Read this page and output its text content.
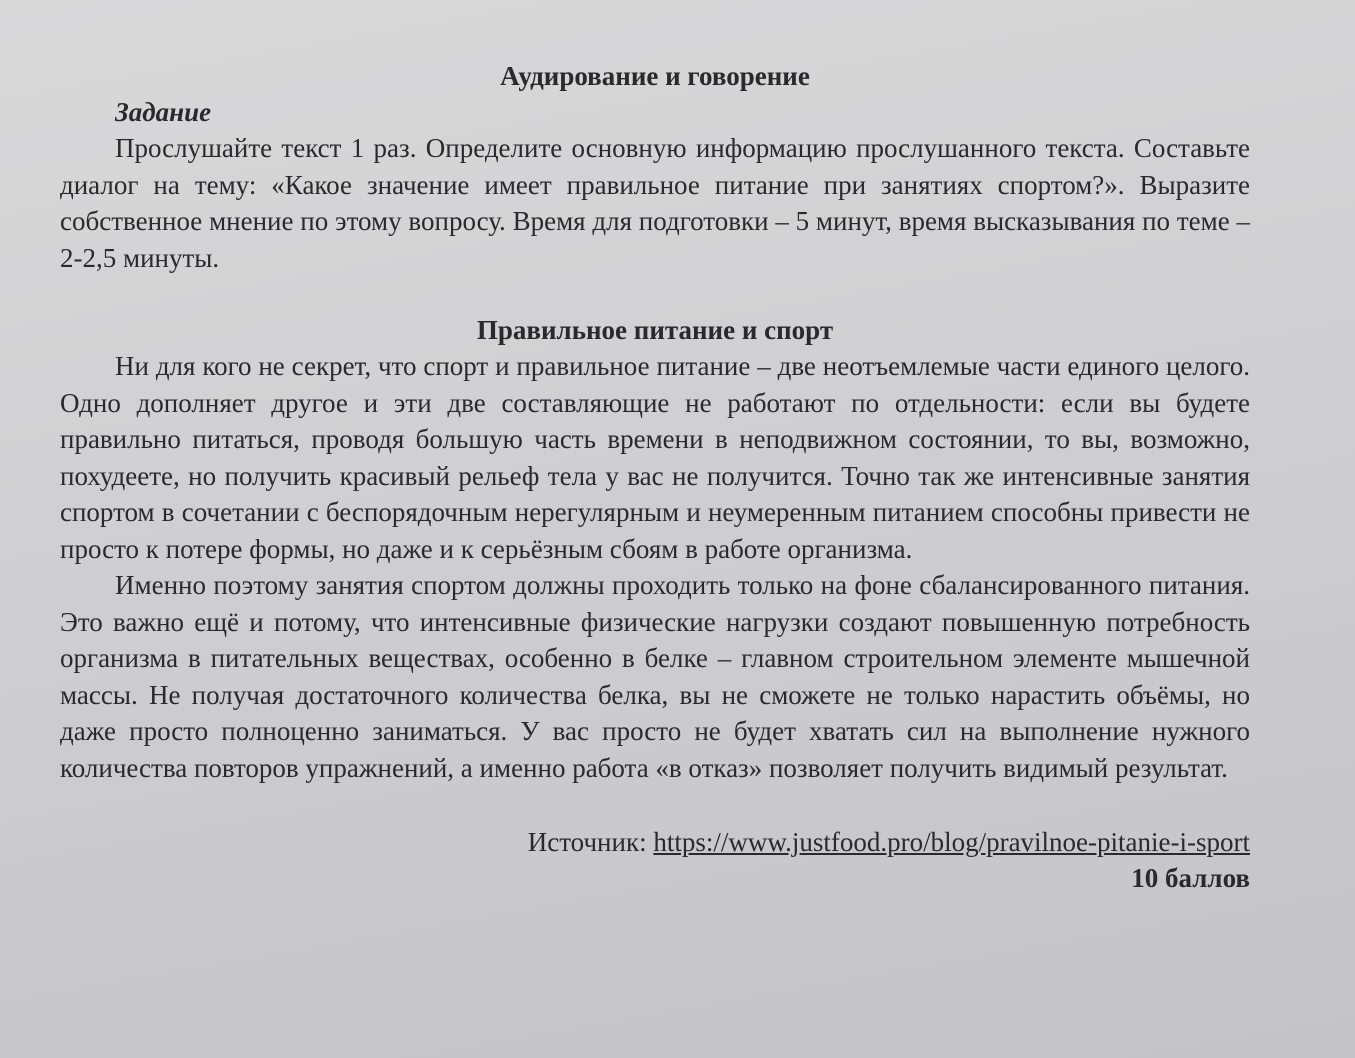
Аудирование и говорение
Задание

Прослушайте текст 1 раз. Определите основную информацию прослушанного текста. Составьте диалог на тему: «Какое значение имеет правильное питание при занятиях спортом?». Выразите собственное мнение по этому вопросу. Время для подготовки – 5 минут, время высказывания по теме – 2-2,5 минуты.

Правильное питание и спорт

Ни для кого не секрет, что спорт и правильное питание – две неотъемлемые части единого целого. Одно дополняет другое и эти две составляющие не работают по отдельности: если вы будете правильно питаться, проводя большую часть времени в неподвижном состоянии, то вы, возможно, похудеете, но получить красивый рельеф тела у вас не получится. Точно так же интенсивные занятия спортом в сочетании с беспорядочным нерегулярным и неумеренным питанием способны привести не просто к потере формы, но даже и к серьёзным сбоям в работе организма.

Именно поэтому занятия спортом должны проходить только на фоне сбалансированного питания. Это важно ещё и потому, что интенсивные физические нагрузки создают повышенную потребность организма в питательных веществах, особенно в белке – главном строительном элементе мышечной массы. Не получая достаточного количества белка, вы не сможете не только нарастить объёмы, но даже просто полноценно заниматься. У вас просто не будет хватать сил на выполнение нужного количества повторов упражнений, а именно работа «в отказ» позволяет получить видимый результат.

Источник: https://www.justfood.pro/blog/pravilnoe-pitanie-i-sport
10 баллов
